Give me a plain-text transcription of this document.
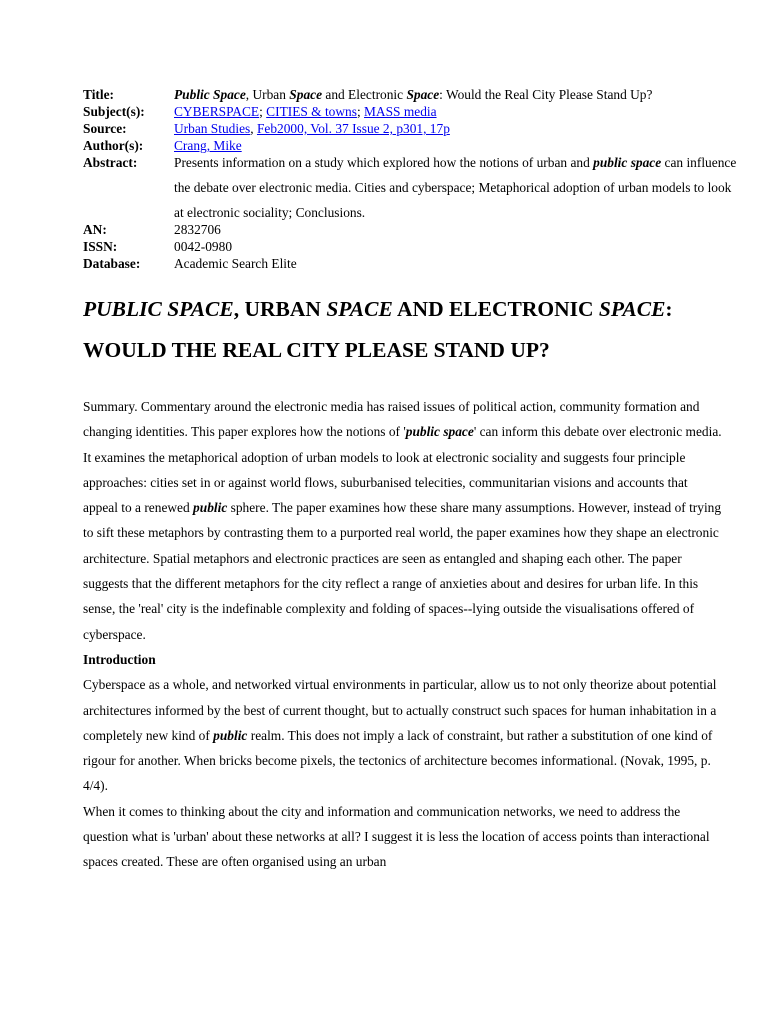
Title:	Public Space, Urban Space and Electronic Space: Would the Real City Please Stand Up?
Subject(s):	CYBERSPACE; CITIES & towns; MASS media
Source:	Urban Studies, Feb2000, Vol. 37 Issue 2, p301, 17p
Author(s):	Crang, Mike
Abstract:	Presents information on a study which explored how the notions of urban and public space can influence the debate over electronic media. Cities and cyberspace; Metaphorical adoption of urban models to look at electronic sociality; Conclusions.
AN:	2832706
ISSN:	0042-0980
Database:	Academic Search Elite
PUBLIC SPACE, URBAN SPACE AND ELECTRONIC SPACE: WOULD THE REAL CITY PLEASE STAND UP?

Summary. Commentary around the electronic media has raised issues of political action, community formation and changing identities. This paper explores how the notions of 'public space' can inform this debate over electronic media. It examines the metaphorical adoption of urban models to look at electronic sociality and suggests four principle approaches: cities set in or against world flows, suburbanised telecities, communitarian visions and accounts that appeal to a renewed public sphere. The paper examines how these share many assumptions. However, instead of trying to sift these metaphors by contrasting them to a purported real world, the paper examines how they shape an electronic architecture. Spatial metaphors and electronic practices are seen as entangled and shaping each other. The paper suggests that the different metaphors for the city reflect a range of anxieties about and desires for urban life. In this sense, the 'real' city is the indefinable complexity and folding of spaces--lying outside the visualisations offered of cyberspace.

Introduction

Cyberspace as a whole, and networked virtual environments in particular, allow us to not only theorize about potential architectures informed by the best of current thought, but to actually construct such spaces for human inhabitation in a completely new kind of public realm. This does not imply a lack of constraint, but rather a substitution of one kind of rigour for another. When bricks become pixels, the tectonics of architecture becomes informational. (Novak, 1995, p. 4/4).

When it comes to thinking about the city and information and communication networks, we need to address the question what is 'urban' about these networks at all? I suggest it is less the location of access points than interactional spaces created. These are often organised using an urban
